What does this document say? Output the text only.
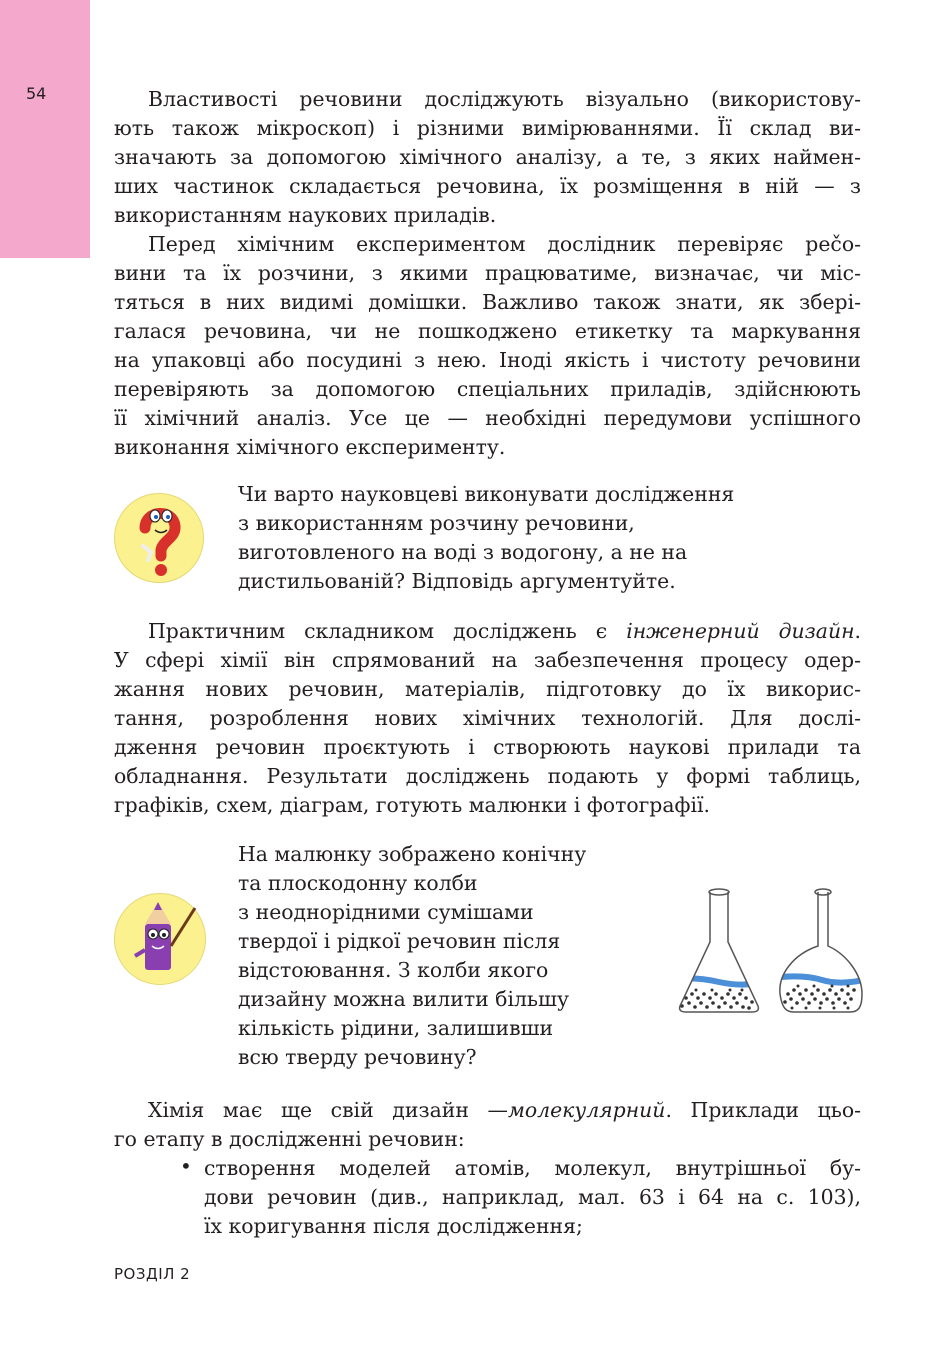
54	Властивості речовини досліджують візуально (використову-
ють також мікроскоп) і різними вимірюваннями. Її склад ви-
значають за допомогою хімічного аналізу, а те, з яких наймен-
ших частинок складається речовина, їх розміщення в ній — з
використанням наукових приладів.
Перед хімічним експериментом дослідник перевіряє рečo-
вини та їх розчини, з якими працюватиме, визначає, чи міс-
тяться в них видимі домішки. Важливо також знати, як збері-
галася речовина, чи не пошкоджено етикетку та маркування
на упаковці або посудині з нею. Іноді якість і чистоту речовини
перевіряють за допомогою спеціальних приладів, здійснюють
її хімічний аналіз. Усе це — необхідні передумови успішного
виконання хімічного експерименту.
Чи варто науковцеві виконувати дослідження
з використанням розчину речовини,
виготовленого на воді з водогону, а не на
дистильованій? Відповідь аргументуйте.
Практичним складником досліджень є інженерний дизайн.
У сфері хімії він спрямований на забезпечення процесу одер-
жання нових речовин, матеріалів, підготовку до їх викорис-
тання, розроблення нових хімічних технологій. Для дослі-
дження речовин проєктують і створюють наукові прилади та
обладнання. Результати досліджень подають у формі таблиць,
графіків, схем, діаграм, готують малюнки і фотографії.
На малюнку зображено конічну
та плоскодонну колби
з неоднорідними сумішами
твердої і рідкої речовин після
відстоювання. З колби якого
дизайну можна вилити більшу
кількість рідини, залишивши
всю тверду речовину?
Хімія має ще свій дизайн —молекулярний. Приклади цьо-
го етапу в дослідженні речовин:
• створення моделей атомів, молекул, внутрішньої бу-
дови речовин (див., наприклад, мал. 63 і 64 на с. 103),
їх коригування після дослідження;
РОЗДІЛ 2
